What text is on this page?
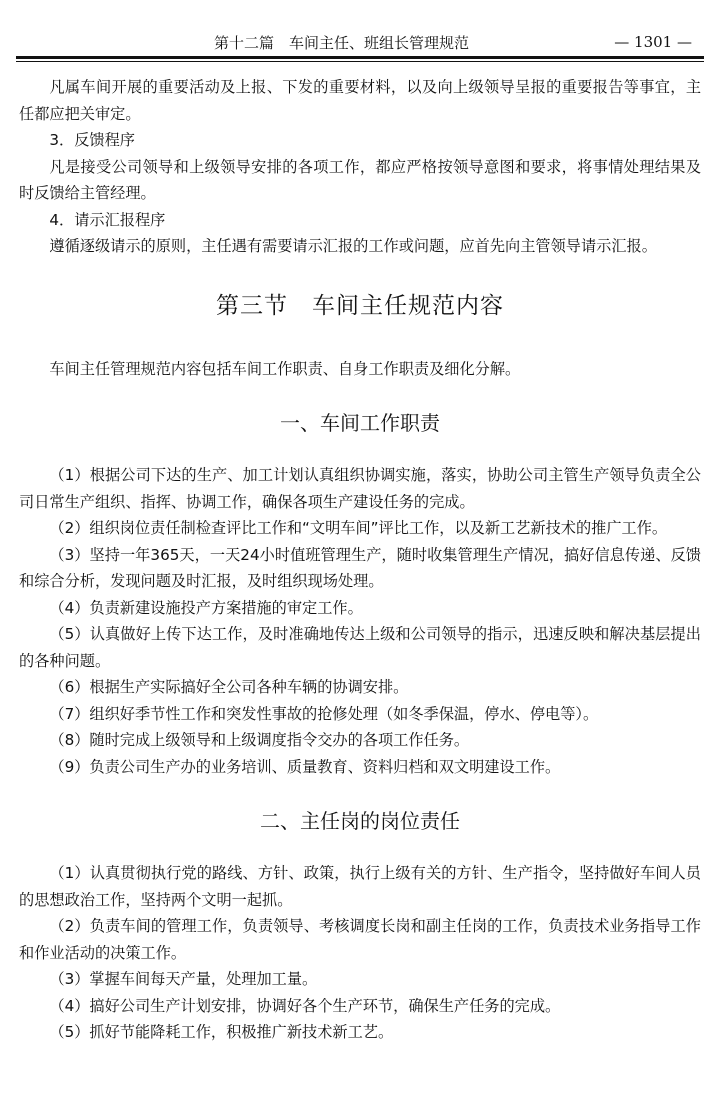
第十二篇　车间主任、班组长管理规范	— 1301 —

凡属车间开展的重要活动及上报、下发的重要材料，以及向上级领导呈报的重要报告等事宜，主任都应把关审定。

3．反馈程序

凡是接受公司领导和上级领导安排的各项工作，都应严格按领导意图和要求，将事情处理结果及时反馈给主管经理。

4．请示汇报程序

遵循逐级请示的原则，主任遇有需要请示汇报的工作或问题，应首先向主管领导请示汇报。

第三节　车间主任规范内容

车间主任管理规范内容包括车间工作职责、自身工作职责及细化分解。

一、车间工作职责

（1）根据公司下达的生产、加工计划认真组织协调实施，落实，协助公司主管生产领导负责全公司日常生产组织、指挥、协调工作，确保各项生产建设任务的完成。

（2）组织岗位责任制检查评比工作和“文明车间”评比工作，以及新工艺新技术的推广工作。

（3）坚持一年365天，一天24小时值班管理生产，随时收集管理生产情况，搞好信息传递、反馈和综合分析，发现问题及时汇报，及时组织现场处理。

（4）负责新建设施投产方案措施的审定工作。

（5）认真做好上传下达工作，及时准确地传达上级和公司领导的指示，迅速反映和解决基层提出的各种问题。

（6）根据生产实际搞好全公司各种车辆的协调安排。

（7）组织好季节性工作和突发性事故的抢修处理（如冬季保温，停水、停电等）。

（8）随时完成上级领导和上级调度指令交办的各项工作任务。

（9）负责公司生产办的业务培训、质量教育、资料归档和双文明建设工作。

二、主任岗的岗位责任

（1）认真贯彻执行党的路线、方针、政策，执行上级有关的方针、生产指令，坚持做好车间人员的思想政治工作，坚持两个文明一起抓。

（2）负责车间的管理工作，负责领导、考核调度长岗和副主任岗的工作，负责技术业务指导工作和作业活动的决策工作。

（3）掌握车间每天产量，处理加工量。

（4）搞好公司生产计划安排，协调好各个生产环节，确保生产任务的完成。

（5）抓好节能降耗工作，积极推广新技术新工艺。
